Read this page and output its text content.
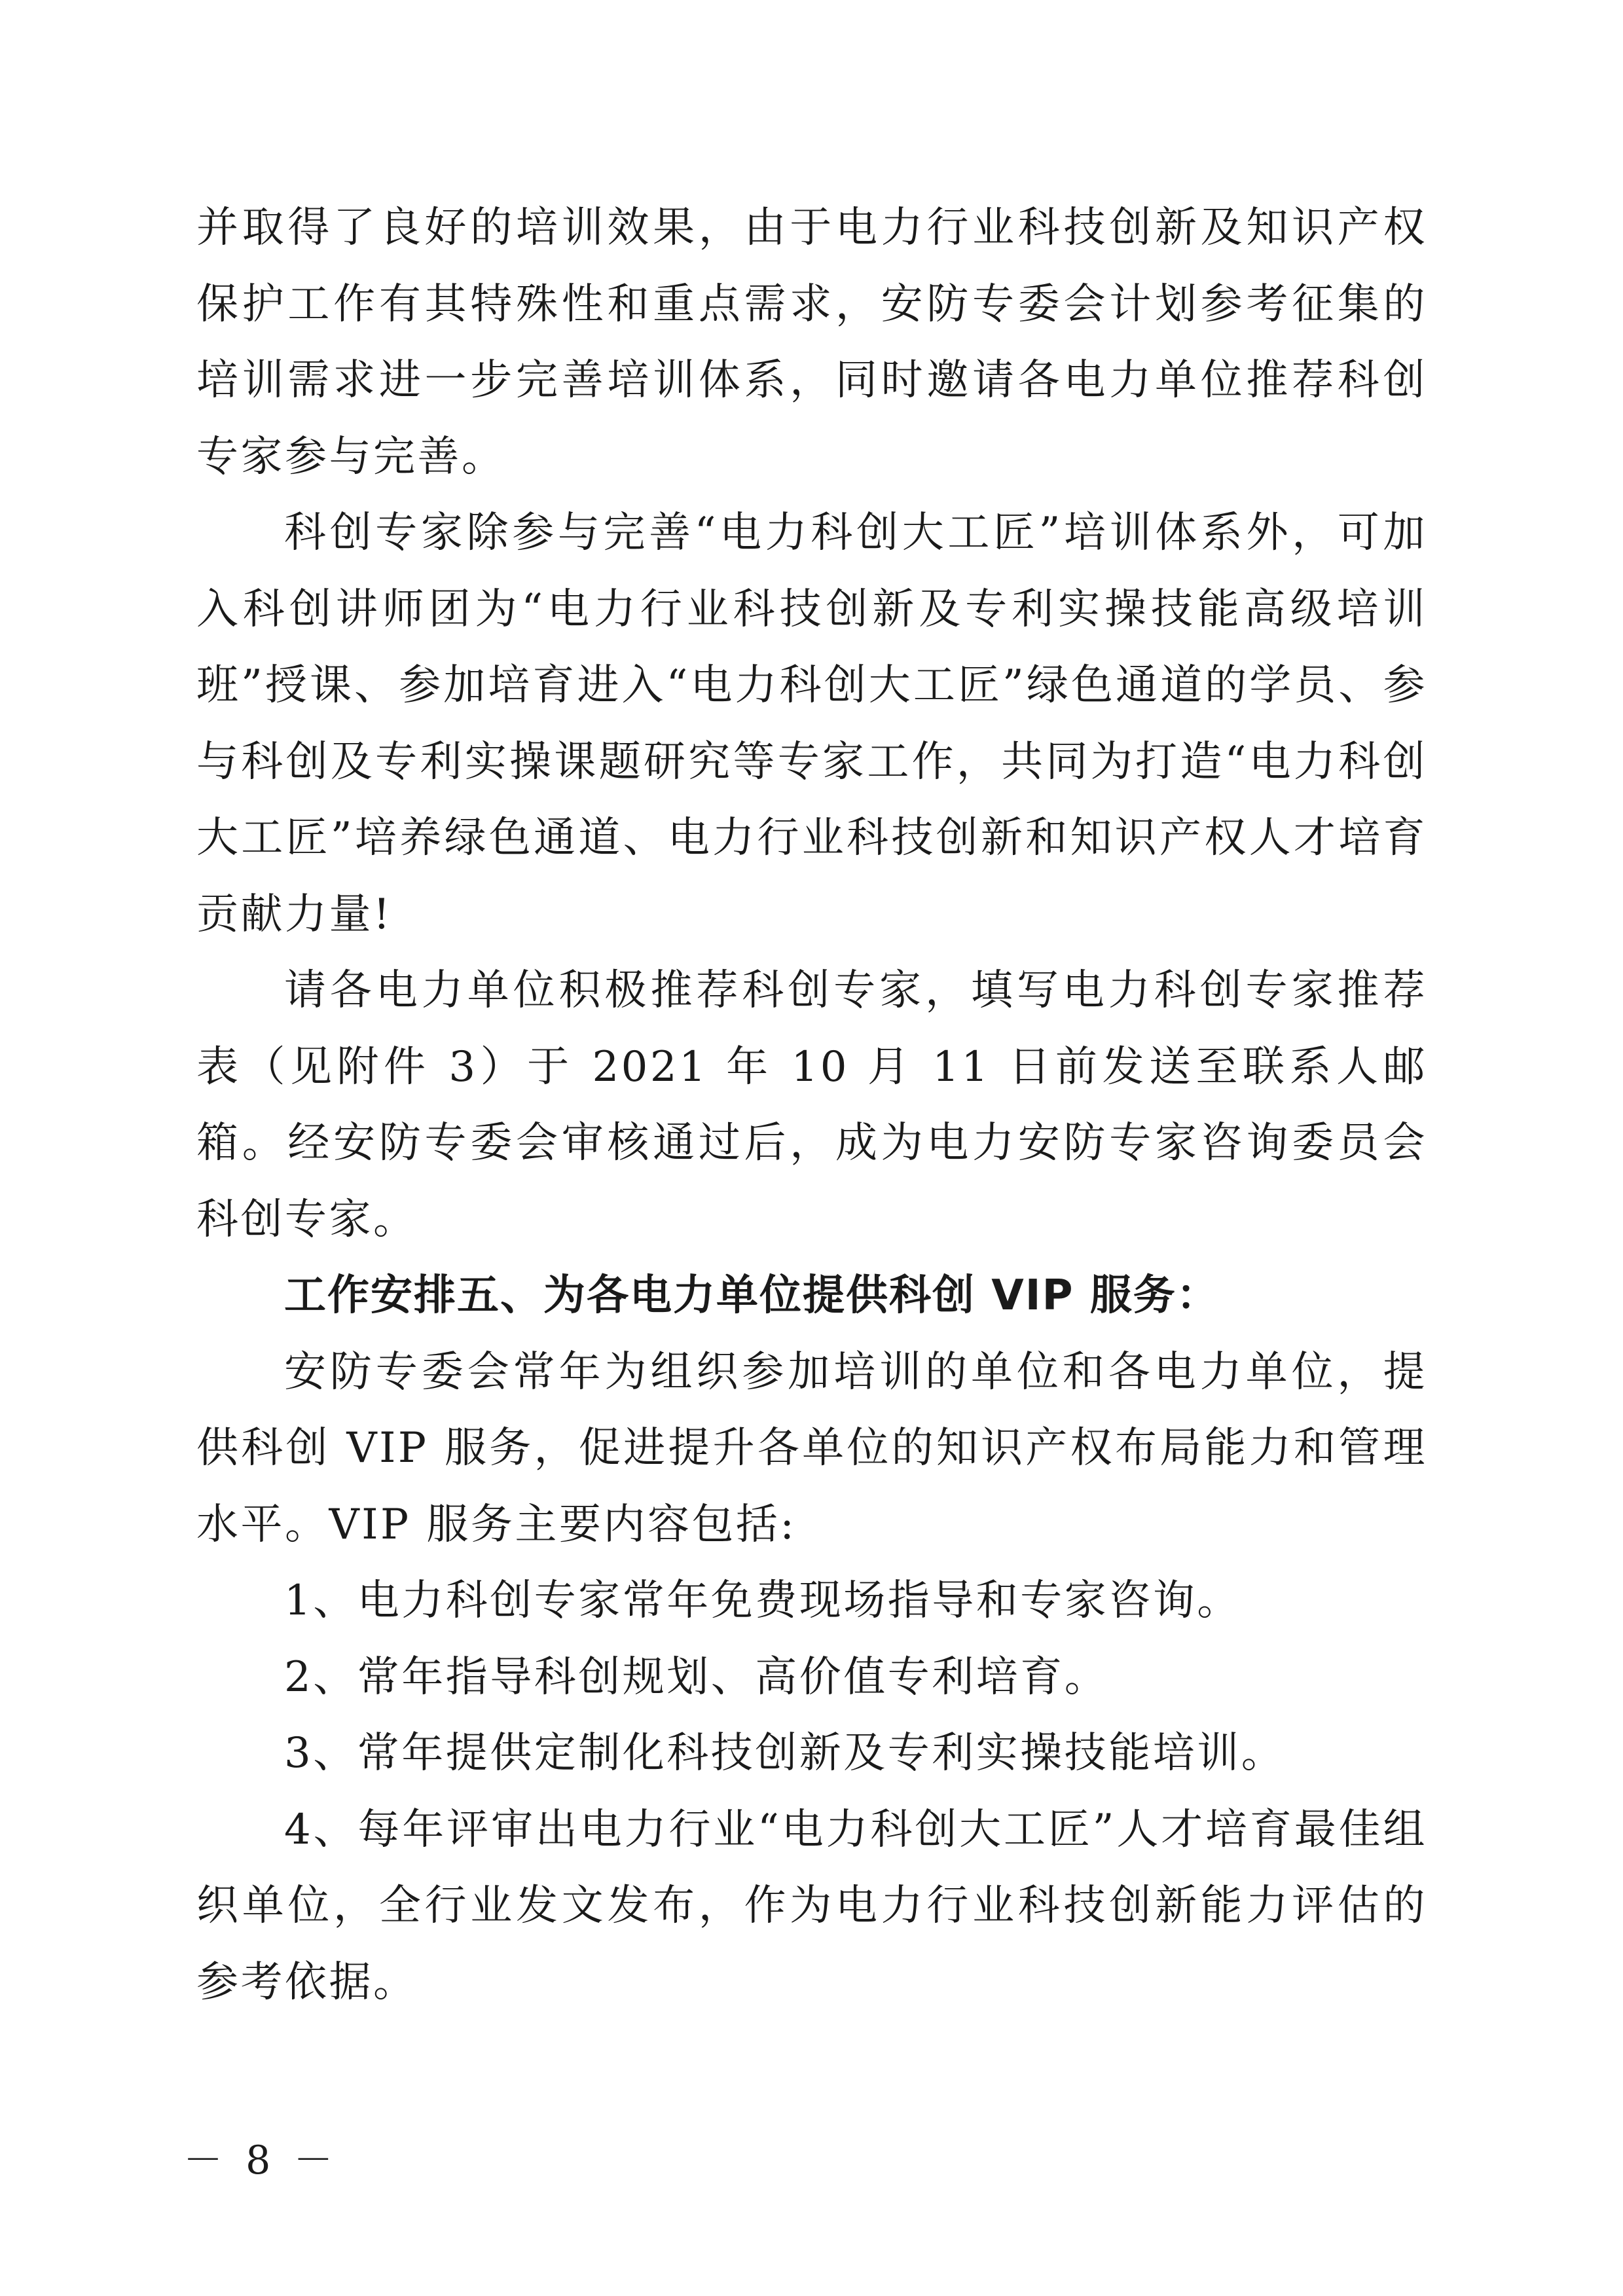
并取得了良好的培训效果，由于电力行业科技创新及知识产权保护工作有其特殊性和重点需求，安防专委会计划参考征集的培训需求进一步完善培训体系，同时邀请各电力单位推荐科创专家参与完善。

科创专家除参与完善“电力科创大工匠”培训体系外，可加入科创讲师团为“电力行业科技创新及专利实操技能高级培训班”授课、参加培育进入“电力科创大工匠”绿色通道的学员、参与科创及专利实操课题研究等专家工作，共同为打造“电力科创大工匠”培养绿色通道、电力行业科技创新和知识产权人才培育贡献力量!

请各电力单位积极推荐科创专家，填写电力科创专家推荐表（见附件 3）于 2021 年 10 月 11 日前发送至联系人邮箱。经安防专委会审核通过后，成为电力安防专家咨询委员会科创专家。

工作安排五、为各电力单位提供科创 VIP 服务：

安防专委会常年为组织参加培训的单位和各电力单位，提供科创 VIP 服务，促进提升各单位的知识产权布局能力和管理水平。VIP 服务主要内容包括:

1、电力科创专家常年免费现场指导和专家咨询。

2、常年指导科创规划、高价值专利培育。

3、常年提供定制化科技创新及专利实操技能培训。

4、每年评审出电力行业“电力科创大工匠”人才培育最佳组织单位，全行业发文发布，作为电力行业科技创新能力评估的参考依据。

－ 8 －
